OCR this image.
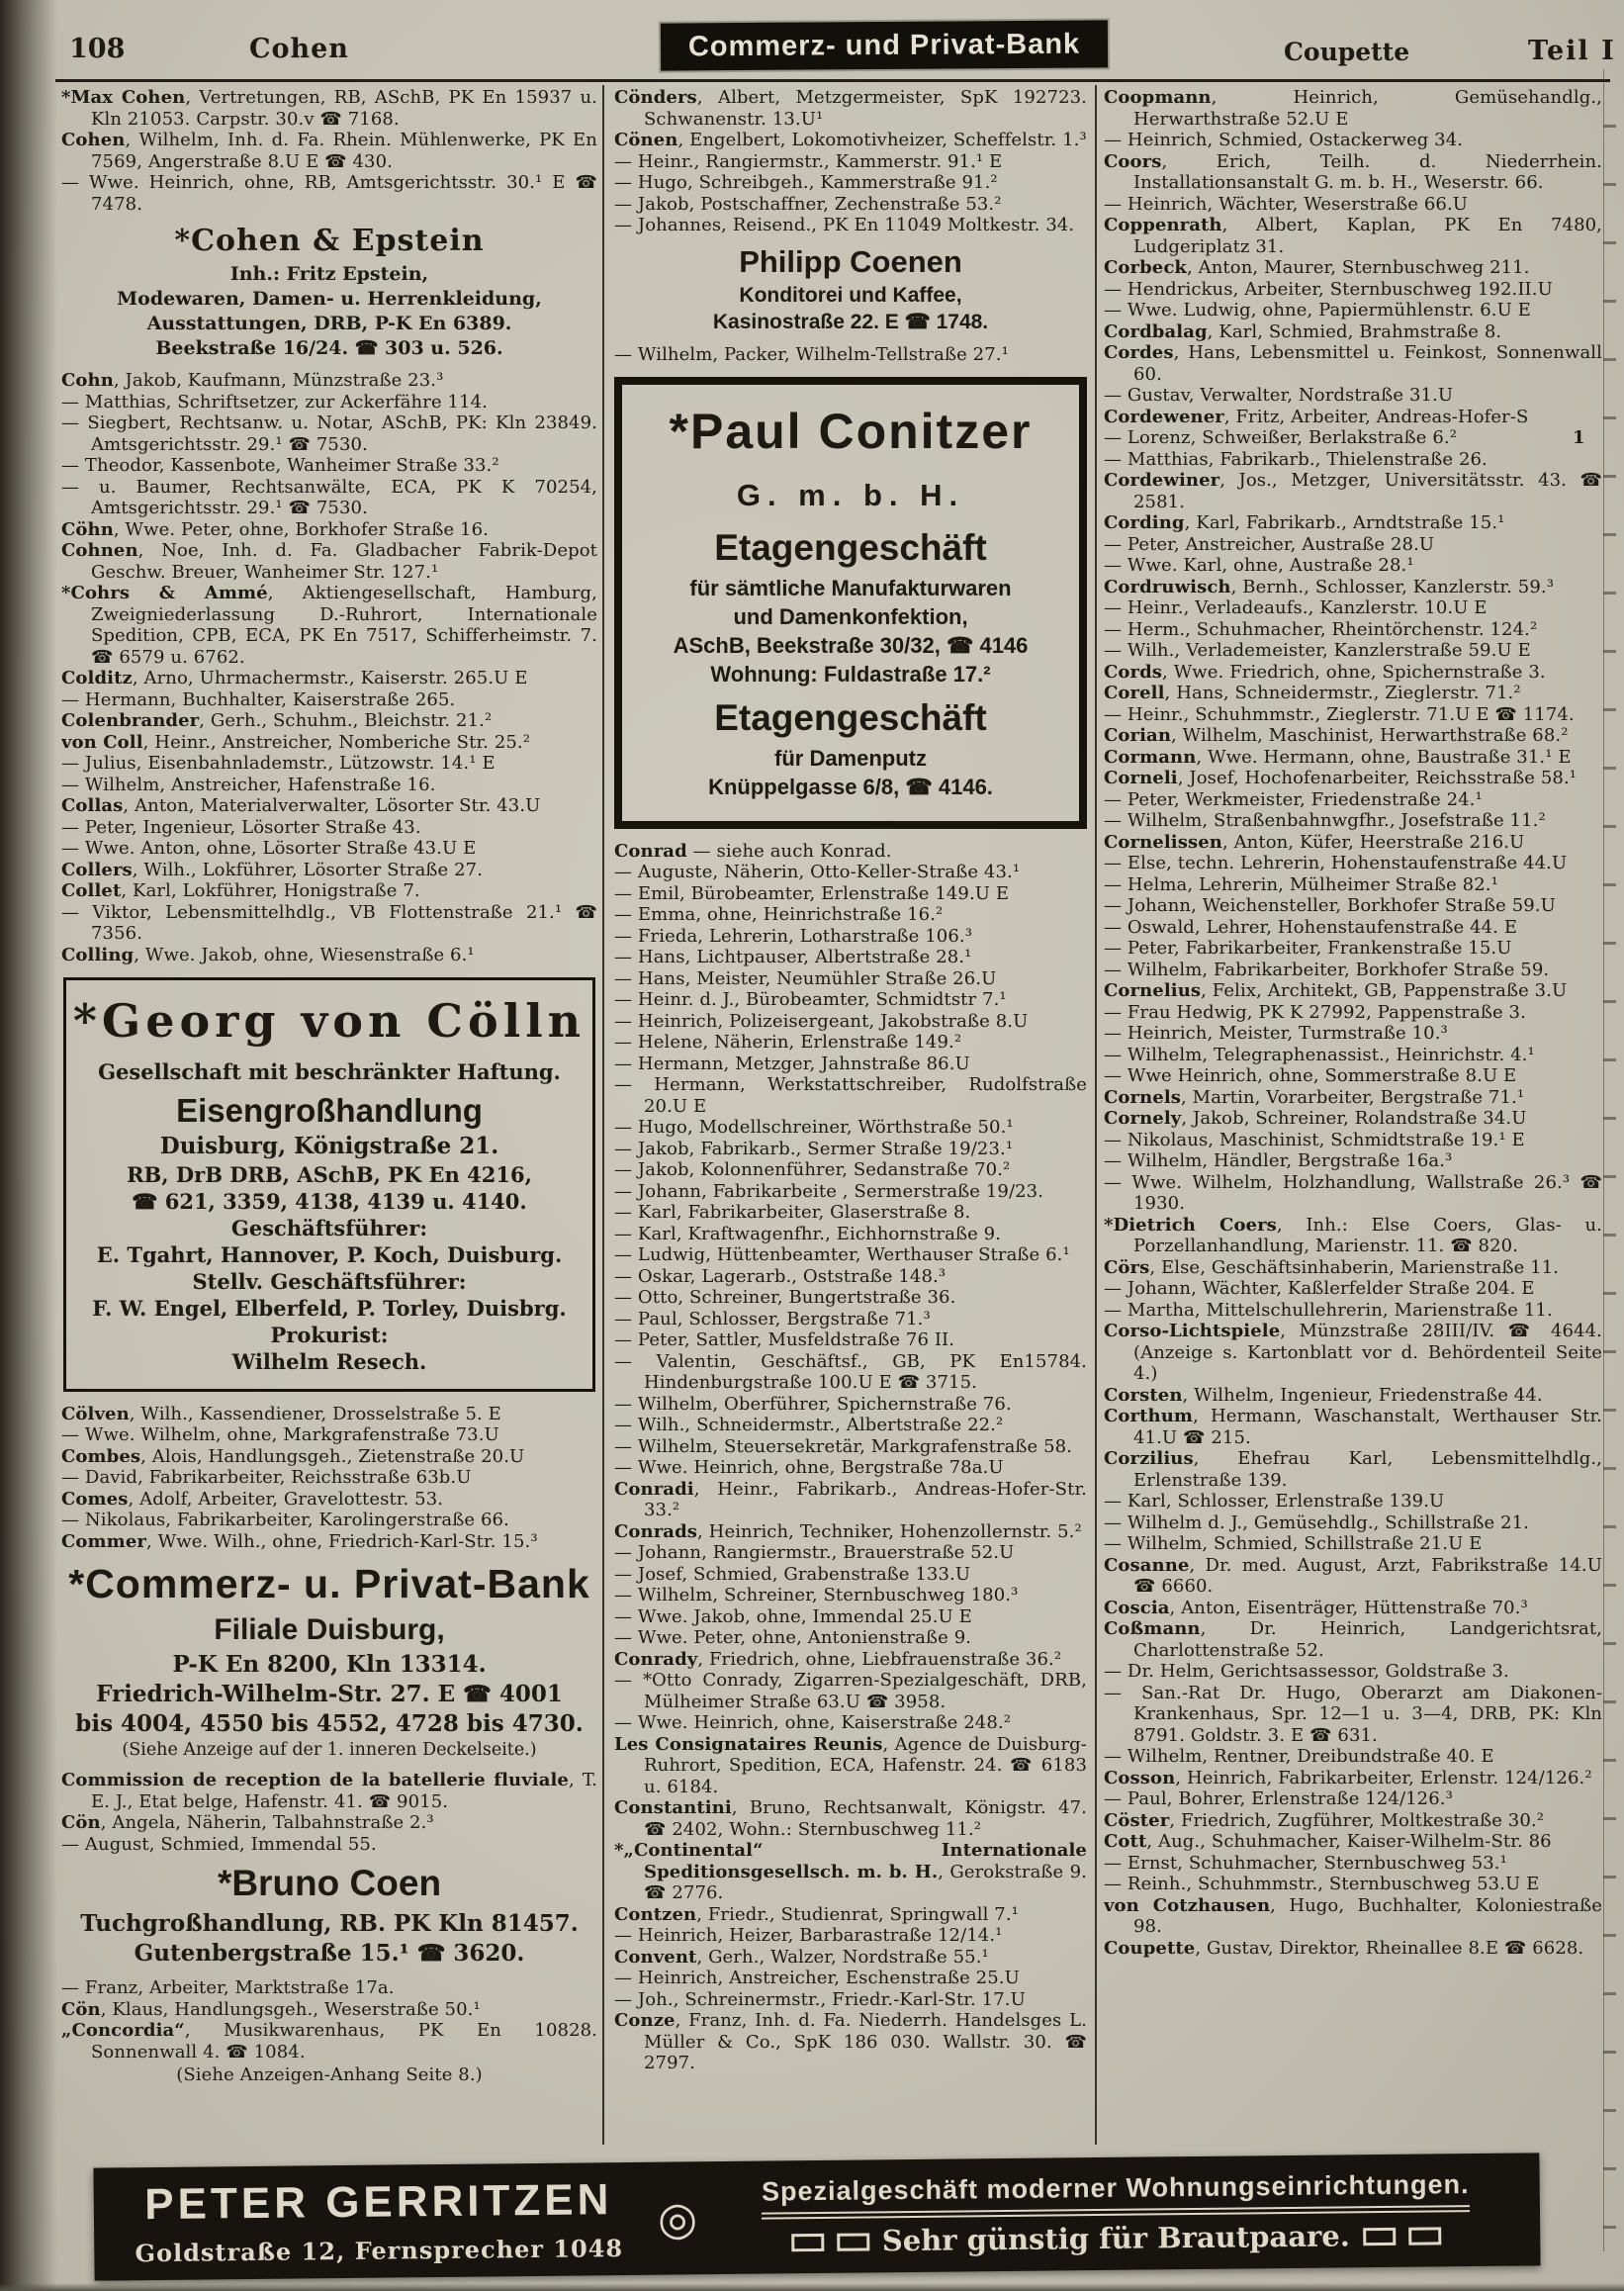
108	Cohen	Commerz- und Privat-Bank	Coupette	Teil I
*Max Cohen, Vertretungen, RB, ASchB, PK En 15937 u. Kln 21053. Carpstr. 30.v ☎ 7168.
Cohen, Wilhelm, Inh. d. Fa. Rhein. Mühlenwerke, PK En 7569, Angerstraße 8.U E ☎ 430.
— Wwe. Heinrich, ohne, RB, Amtsgerichtsstr. 30.¹ E ☎ 7478.
*Cohen & Epstein
Inh.: Fritz Epstein,
Modewaren, Damen- u. Herrenkleidung,
Ausstattungen, DRB, P-K En 6389.
Beekstraße 16/24. ☎ 303 u. 526.
Cohn, Jakob, Kaufmann, Münzstraße 23.³
— Matthias, Schriftsetzer, zur Ackerfähre 114.
— Siegbert, Rechtsanw. u. Notar, ASchB, PK: Kln 23849. Amtsgerichtsstr. 29.¹ ☎ 7530.
— Theodor, Kassenbote, Wanheimer Straße 33.²
— u. Baumer, Rechtsanwälte, ECA, PK K 70254, Amtsgerichtsstr. 29.¹ ☎ 7530.
Cöhn, Wwe. Peter, ohne, Borkhofer Straße 16.
Cohnen, Noe, Inh. d. Fa. Gladbacher Fabrik-Depot Geschw. Breuer, Wanheimer Str. 127.¹
*Cohrs & Ammé, Aktiengesellschaft, Hamburg, Zweigniederlassung D.-Ruhrort, Internationale Spedition, CPB, ECA, PK En 7517, Schifferheimstr. 7. ☎ 6579 u. 6762.
Colditz, Arno, Uhrmachermstr., Kaiserstr. 265.U E
— Hermann, Buchhalter, Kaiserstraße 265.
Colenbrander, Gerh., Schuhm., Bleichstr. 21.²
von Coll, Heinr., Anstreicher, Nomberiche Str. 25.²
— Julius, Eisenbahnlademstr., Lützowstr. 14.¹ E
— Wilhelm, Anstreicher, Hafenstraße 16.
Collas, Anton, Materialverwalter, Lösorter Str. 43.U
— Peter, Ingenieur, Lösorter Straße 43.
— Wwe. Anton, ohne, Lösorter Straße 43.U E
Collers, Wilh., Lokführer, Lösorter Straße 27.
Collet, Karl, Lokführer, Honigstraße 7.
— Viktor, Lebensmittelhdlg., VB Flottenstraße 21.¹ ☎ 7356.
Colling, Wwe. Jakob, ohne, Wiesenstraße 6.¹
*Georg von Cölln
Gesellschaft mit beschränkter Haftung.
Eisengroßhandlung
Duisburg, Königstraße 21.
RB, DrB DRB, ASchB, PK En 4216,
☎ 621, 3359, 4138, 4139 u. 4140.
Geschäftsführer:
E. Tgahrt, Hannover, P. Koch, Duisburg.
Stellv. Geschäftsführer:
F. W. Engel, Elberfeld, P. Torley, Duisbrg.
Prokurist:
Wilhelm Resech.
Cölven, Wilh., Kassendiener, Drosselstraße 5. E
— Wwe. Wilhelm, ohne, Markgrafenstraße 73.U
Combes, Alois, Handlungsgeh., Zietenstraße 20.U
— David, Fabrikarbeiter, Reichsstraße 63b.U
Comes, Adolf, Arbeiter, Gravelottestr. 53.
— Nikolaus, Fabrikarbeiter, Karolingerstraße 66.
Commer, Wwe. Wilh., ohne, Friedrich-Karl-Str. 15.³
*Commerz- u. Privat-Bank
Filiale Duisburg,
P-K En 8200, Kln 13314.
Friedrich-Wilhelm-Str. 27. E ☎ 4001
bis 4004, 4550 bis 4552, 4728 bis 4730.
(Siehe Anzeige auf der 1. inneren Deckelseite.)
Commission de reception de la batellerie fluviale, T. E. J., Etat belge, Hafenstr. 41. ☎ 9015.
Cön, Angela, Näherin, Talbahnstraße 2.³
— August, Schmied, Immendal 55.
*Bruno Coen
Tuchgroßhandlung, RB. PK Kln 81457.
Gutenbergstraße 15.¹ ☎ 3620.
— Franz, Arbeiter, Marktstraße 17a.
Cön, Klaus, Handlungsgeh., Weserstraße 50.¹
„Concordia“, Musikwarenhaus, PK En 10828. Sonnenwall 4. ☎ 1084.
(Siehe Anzeigen-Anhang Seite 8.)
Cönders, Albert, Metzgermeister, SpK 192723. Schwanenstr. 13.U¹
Cönen, Engelbert, Lokomotivheizer, Scheffelstr. 1.³
— Heinr., Rangiermstr., Kammerstr. 91.¹ E
— Hugo, Schreibgeh., Kammerstraße 91.²
— Jakob, Postschaffner, Zechenstraße 53.²
— Johannes, Reisend., PK En 11049 Moltkestr. 34.
Philipp Coenen
Konditorei und Kaffee,
Kasinostraße 22. E ☎ 1748.
— Wilhelm, Packer, Wilhelm-Tellstraße 27.¹
*Paul Conitzer
G. m. b. H.
Etagengeschäft
für sämtliche Manufakturwaren
und Damenkonfektion,
ASchB, Beekstraße 30/32, ☎ 4146
Wohnung: Fuldastraße 17.²
Etagengeschäft
für Damenputz
Knüppelgasse 6/8, ☎ 4146.
Conrad — siehe auch Konrad.
— Auguste, Näherin, Otto-Keller-Straße 43.¹
— Emil, Bürobeamter, Erlenstraße 149.U E
— Emma, ohne, Heinrichstraße 16.²
— Frieda, Lehrerin, Lotharstraße 106.³
— Hans, Lichtpauser, Albertstraße 28.¹
— Hans, Meister, Neumühler Straße 26.U
— Heinr. d. J., Bürobeamter, Schmidtstr 7.¹
— Heinrich, Polizeisergeant, Jakobstraße 8.U
— Helene, Näherin, Erlenstraße 149.²
— Hermann, Metzger, Jahnstraße 86.U
— Hermann, Werkstattschreiber, Rudolfstraße 20.U E
— Hugo, Modellschreiner, Wörthstraße 50.¹
— Jakob, Fabrikarb., Sermer Straße 19/23.¹
— Jakob, Kolonnenführer, Sedanstraße 70.²
— Johann, Fabrikarbeite , Sermerstraße 19/23.
— Karl, Fabrikarbeiter, Glaserstraße 8.
— Karl, Kraftwagenfhr., Eichhornstraße 9.
— Ludwig, Hüttenbeamter, Werthauser Straße 6.¹
— Oskar, Lagerarb., Oststraße 148.³
— Otto, Schreiner, Bungertstraße 36.
— Paul, Schlosser, Bergstraße 71.³
— Peter, Sattler, Musfeldstraße 76 II.
— Valentin, Geschäftsf., GB, PK En15784. Hindenburgstraße 100.U E ☎ 3715.
— Wilhelm, Oberführer, Spichernstraße 76.
— Wilh., Schneidermstr., Albertstraße 22.²
— Wilhelm, Steuersekretär, Markgrafenstraße 58.
— Wwe. Heinrich, ohne, Bergstraße 78a.U
Conradi, Heinr., Fabrikarb., Andreas-Hofer-Str. 33.²
Conrads, Heinrich, Techniker, Hohenzollernstr. 5.²
— Johann, Rangiermstr., Brauerstraße 52.U
— Josef, Schmied, Grabenstraße 133.U
— Wilhelm, Schreiner, Sternbuschweg 180.³
— Wwe. Jakob, ohne, Immendal 25.U E
— Wwe. Peter, ohne, Antonienstraße 9.
Conrady, Friedrich, ohne, Liebfrauenstraße 36.²
— *Otto Conrady, Zigarren-Spezialgeschäft, DRB, Mülheimer Straße 63.U ☎ 3958.
— Wwe. Heinrich, ohne, Kaiserstraße 248.²
Les Consignataires Reunis, Agence de Duisburg-Ruhrort, Spedition, ECA, Hafenstr. 24. ☎ 6183 u. 6184.
Constantini, Bruno, Rechtsanwalt, Königstr. 47. ☎ 2402, Wohn.: Sternbuschweg 11.²
*„Continental“ Internationale Speditionsgesellsch. m. b. H., Gerokstraße 9. ☎ 2776.
Contzen, Friedr., Studienrat, Springwall 7.¹
— Heinrich, Heizer, Barbarastraße 12/14.¹
Convent, Gerh., Walzer, Nordstraße 55.¹
— Heinrich, Anstreicher, Eschenstraße 25.U
— Joh., Schreinermstr., Friedr.-Karl-Str. 17.U
Conze, Franz, Inh. d. Fa. Niederrh. Handelsges L. Müller & Co., SpK 186 030. Wallstr. 30. ☎ 2797.
Coopmann, Heinrich, Gemüsehandlg., Herwarthstraße 52.U E
— Heinrich, Schmied, Ostackerweg 34.
Coors, Erich, Teilh. d. Niederrhein. Installationsanstalt G. m. b. H., Weserstr. 66.
— Heinrich, Wächter, Weserstraße 66.U
Coppenrath, Albert, Kaplan, PK En 7480, Ludgeriplatz 31.
Corbeck, Anton, Maurer, Sternbuschweg 211.
— Hendrickus, Arbeiter, Sternbuschweg 192.II.U
— Wwe. Ludwig, ohne, Papiermühlenstr. 6.U E
Cordbalag, Karl, Schmied, Brahmstraße 8.
Cordes, Hans, Lebensmittel u. Feinkost, Sonnenwall 60.
— Gustav, Verwalter, Nordstraße 31.U
Cordewener, Fritz, Arbeiter, Andreas-Hofer-S
— Lorenz, Schweißer, Berlakstraße 6.²	1
— Matthias, Fabrikarb., Thielenstraße 26.
Cordewiner, Jos., Metzger, Universitätsstr. 43. ☎ 2581.
Cording, Karl, Fabrikarb., Arndtstraße 15.¹
— Peter, Anstreicher, Austraße 28.U
— Wwe. Karl, ohne, Austraße 28.¹
Cordruwisch, Bernh., Schlosser, Kanzlerstr. 59.³
— Heinr., Verladeaufs., Kanzlerstr. 10.U E
— Herm., Schuhmacher, Rheintörchenstr. 124.²
— Wilh., Verlademeister, Kanzlerstraße 59.U E
Cords, Wwe. Friedrich, ohne, Spichernstraße 3.
Corell, Hans, Schneidermstr., Zieglerstr. 71.²
— Heinr., Schuhmmstr., Zieglerstr. 71.U E ☎ 1174.
Corian, Wilhelm, Maschinist, Herwarthstraße 68.²
Cormann, Wwe. Hermann, ohne, Baustraße 31.¹ E
Corneli, Josef, Hochofenarbeiter, Reichsstraße 58.¹
— Peter, Werkmeister, Friedenstraße 24.¹
— Wilhelm, Straßenbahnwgfhr., Josefstraße 11.²
Cornelissen, Anton, Küfer, Heerstraße 216.U
— Else, techn. Lehrerin, Hohenstaufenstraße 44.U
— Helma, Lehrerin, Mülheimer Straße 82.¹
— Johann, Weichensteller, Borkhofer Straße 59.U
— Oswald, Lehrer, Hohenstaufenstraße 44. E
— Peter, Fabrikarbeiter, Frankenstraße 15.U
— Wilhelm, Fabrikarbeiter, Borkhofer Straße 59.
Cornelius, Felix, Architekt, GB, Pappenstraße 3.U
— Frau Hedwig, PK K 27992, Pappenstraße 3.
— Heinrich, Meister, Turmstraße 10.³
— Wilhelm, Telegraphenassist., Heinrichstr. 4.¹
— Wwe Heinrich, ohne, Sommerstraße 8.U E
Cornels, Martin, Vorarbeiter, Bergstraße 71.¹
Cornely, Jakob, Schreiner, Rolandstraße 34.U
— Nikolaus, Maschinist, Schmidtstraße 19.¹ E
— Wilhelm, Händler, Bergstraße 16a.³
— Wwe. Wilhelm, Holzhandlung, Wallstraße 26.³ ☎ 1930.
*Dietrich Coers, Inh.: Else Coers, Glas- u. Porzellanhandlung, Marienstr. 11. ☎ 820.
Cörs, Else, Geschäftsinhaberin, Marienstraße 11.
— Johann, Wächter, Kaßlerfelder Straße 204. E
— Martha, Mittelschullehrerin, Marienstraße 11.
Corso-Lichtspiele, Münzstraße 28III/IV. ☎ 4644. (Anzeige s. Kartonblatt vor d. Behördenteil Seite 4.)
Corsten, Wilhelm, Ingenieur, Friedenstraße 44.
Corthum, Hermann, Waschanstalt, Werthauser Str. 41.U ☎ 215.
Corzilius, Ehefrau Karl, Lebensmittelhdlg., Erlenstraße 139.
— Karl, Schlosser, Erlenstraße 139.U
— Wilhelm d. J., Gemüsehdlg., Schillstraße 21.
— Wilhelm, Schmied, Schillstraße 21.U E
Cosanne, Dr. med. August, Arzt, Fabrikstraße 14.U ☎ 6660.
Coscia, Anton, Eisenträger, Hüttenstraße 70.³
Coßmann, Dr. Heinrich, Landgerichtsrat, Charlottenstraße 52.
— Dr. Helm, Gerichtsassessor, Goldstraße 3.
— San.-Rat Dr. Hugo, Oberarzt am Diakonen-Krankenhaus, Spr. 12—1 u. 3—4, DRB, PK: Kln 8791. Goldstr. 3. E ☎ 631.
— Wilhelm, Rentner, Dreibundstraße 40. E
Cosson, Heinrich, Fabrikarbeiter, Erlenstr. 124/126.²
— Paul, Bohrer, Erlenstraße 124/126.³
Cöster, Friedrich, Zugführer, Moltkestraße 30.²
Cott, Aug., Schuhmacher, Kaiser-Wilhelm-Str. 86
— Ernst, Schuhmacher, Sternbuschweg 53.¹
— Reinh., Schuhmmstr., Sternbuschweg 53.U E
von Cotzhausen, Hugo, Buchhalter, Koloniestraße 98.
Coupette, Gustav, Direktor, Rheinallee 8.E ☎ 6628.
PETER GERRITZEN
Goldstraße 12, Fernsprecher 1048
◎
Spezialgeschäft moderner Wohnungseinrichtungen.
Sehr günstig für Brautpaare.
